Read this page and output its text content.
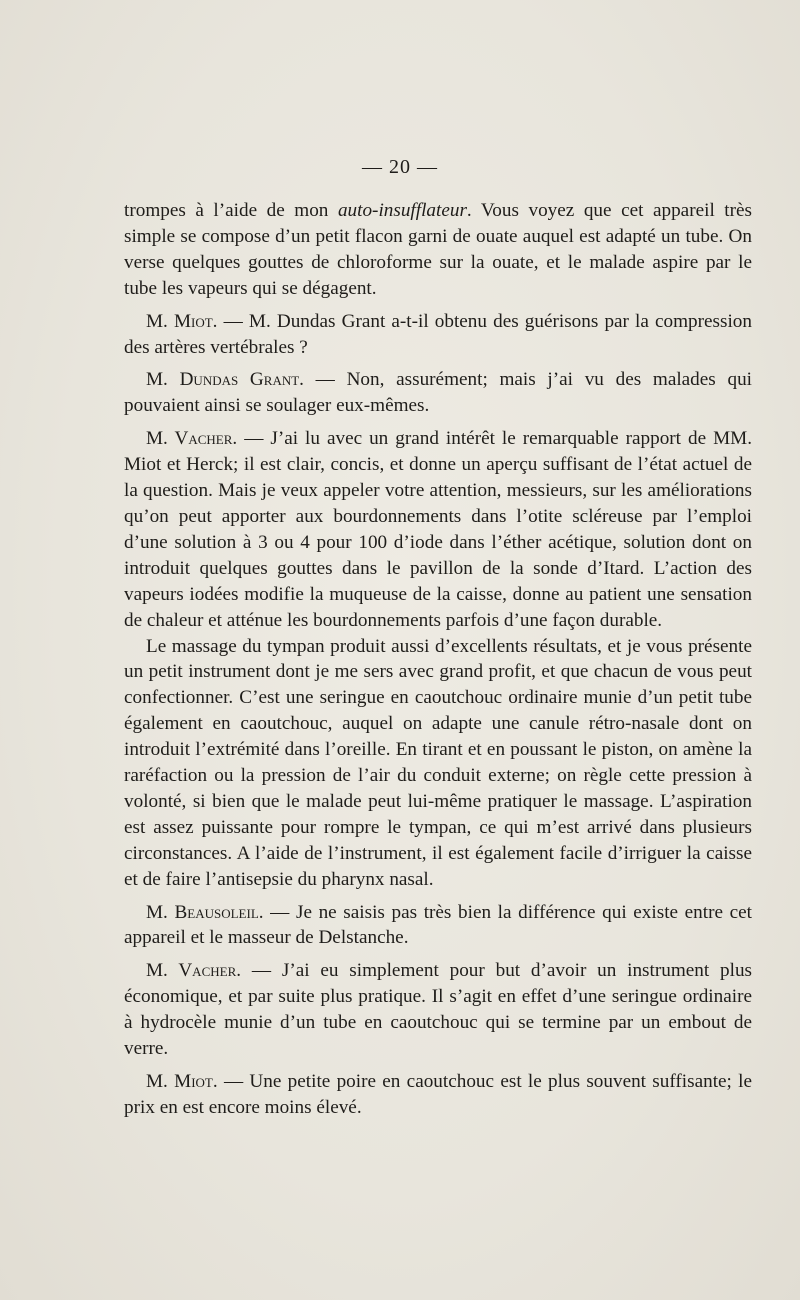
— 20 —

trompes à l’aide de mon auto-insufflateur. Vous voyez que cet appareil très simple se compose d’un petit flacon garni de ouate auquel est adapté un tube. On verse quelques gouttes de chloroforme sur la ouate, et le malade aspire par le tube les vapeurs qui se dégagent.

M. Miot. — M. Dundas Grant a-t-il obtenu des guérisons par la compression des artères vertébrales ?

M. Dundas Grant. — Non, assurément; mais j’ai vu des malades qui pouvaient ainsi se soulager eux-mêmes.

M. Vacher. — J’ai lu avec un grand intérêt le remarquable rapport de MM. Miot et Herck; il est clair, concis, et donne un aperçu suffisant de l’état actuel de la question. Mais je veux appeler votre attention, messieurs, sur les améliorations qu’on peut apporter aux bourdonnements dans l’otite scléreuse par l’emploi d’une solution à 3 ou 4 pour 100 d’iode dans l’éther acétique, solution dont on introduit quelques gouttes dans le pavillon de la sonde d’Itard. L’action des vapeurs iodées modifie la muqueuse de la caisse, donne au patient une sensation de chaleur et atténue les bourdonnements parfois d’une façon durable.

Le massage du tympan produit aussi d’excellents résultats, et je vous présente un petit instrument dont je me sers avec grand profit, et que chacun de vous peut confectionner. C’est une seringue en caoutchouc ordinaire munie d’un petit tube également en caoutchouc, auquel on adapte une canule rétro-nasale dont on introduit l’extrémité dans l’oreille. En tirant et en poussant le piston, on amène la raréfaction ou la pression de l’air du conduit externe; on règle cette pression à volonté, si bien que le malade peut lui-même pratiquer le massage. L’aspiration est assez puissante pour rompre le tympan, ce qui m’est arrivé dans plusieurs circonstances. A l’aide de l’instrument, il est également facile d’irriguer la caisse et de faire l’antisepsie du pharynx nasal.

M. Beausoleil. — Je ne saisis pas très bien la différence qui existe entre cet appareil et le masseur de Delstanche.

M. Vacher. — J’ai eu simplement pour but d’avoir un instrument plus économique, et par suite plus pratique. Il s’agit en effet d’une seringue ordinaire à hydrocèle munie d’un tube en caoutchouc qui se termine par un embout de verre.

M. Miot. — Une petite poire en caoutchouc est le plus souvent suffisante; le prix en est encore moins élevé.
